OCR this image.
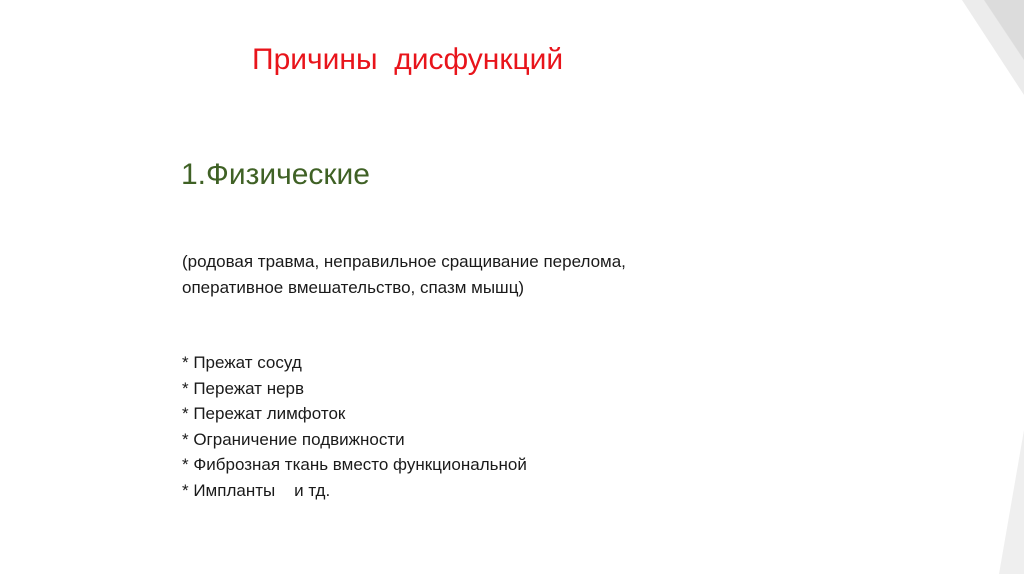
Причины  дисфункций
1.Физические
(родовая травма, неправильное сращивание перелома,
оперативное вмешательство, спазм мышц)
* Прежат сосуд
* Пережат нерв
* Пережат лимфоток
* Ограничение подвижности
* Фиброзная ткань вместо функциональной
* Импланты    и тд.
